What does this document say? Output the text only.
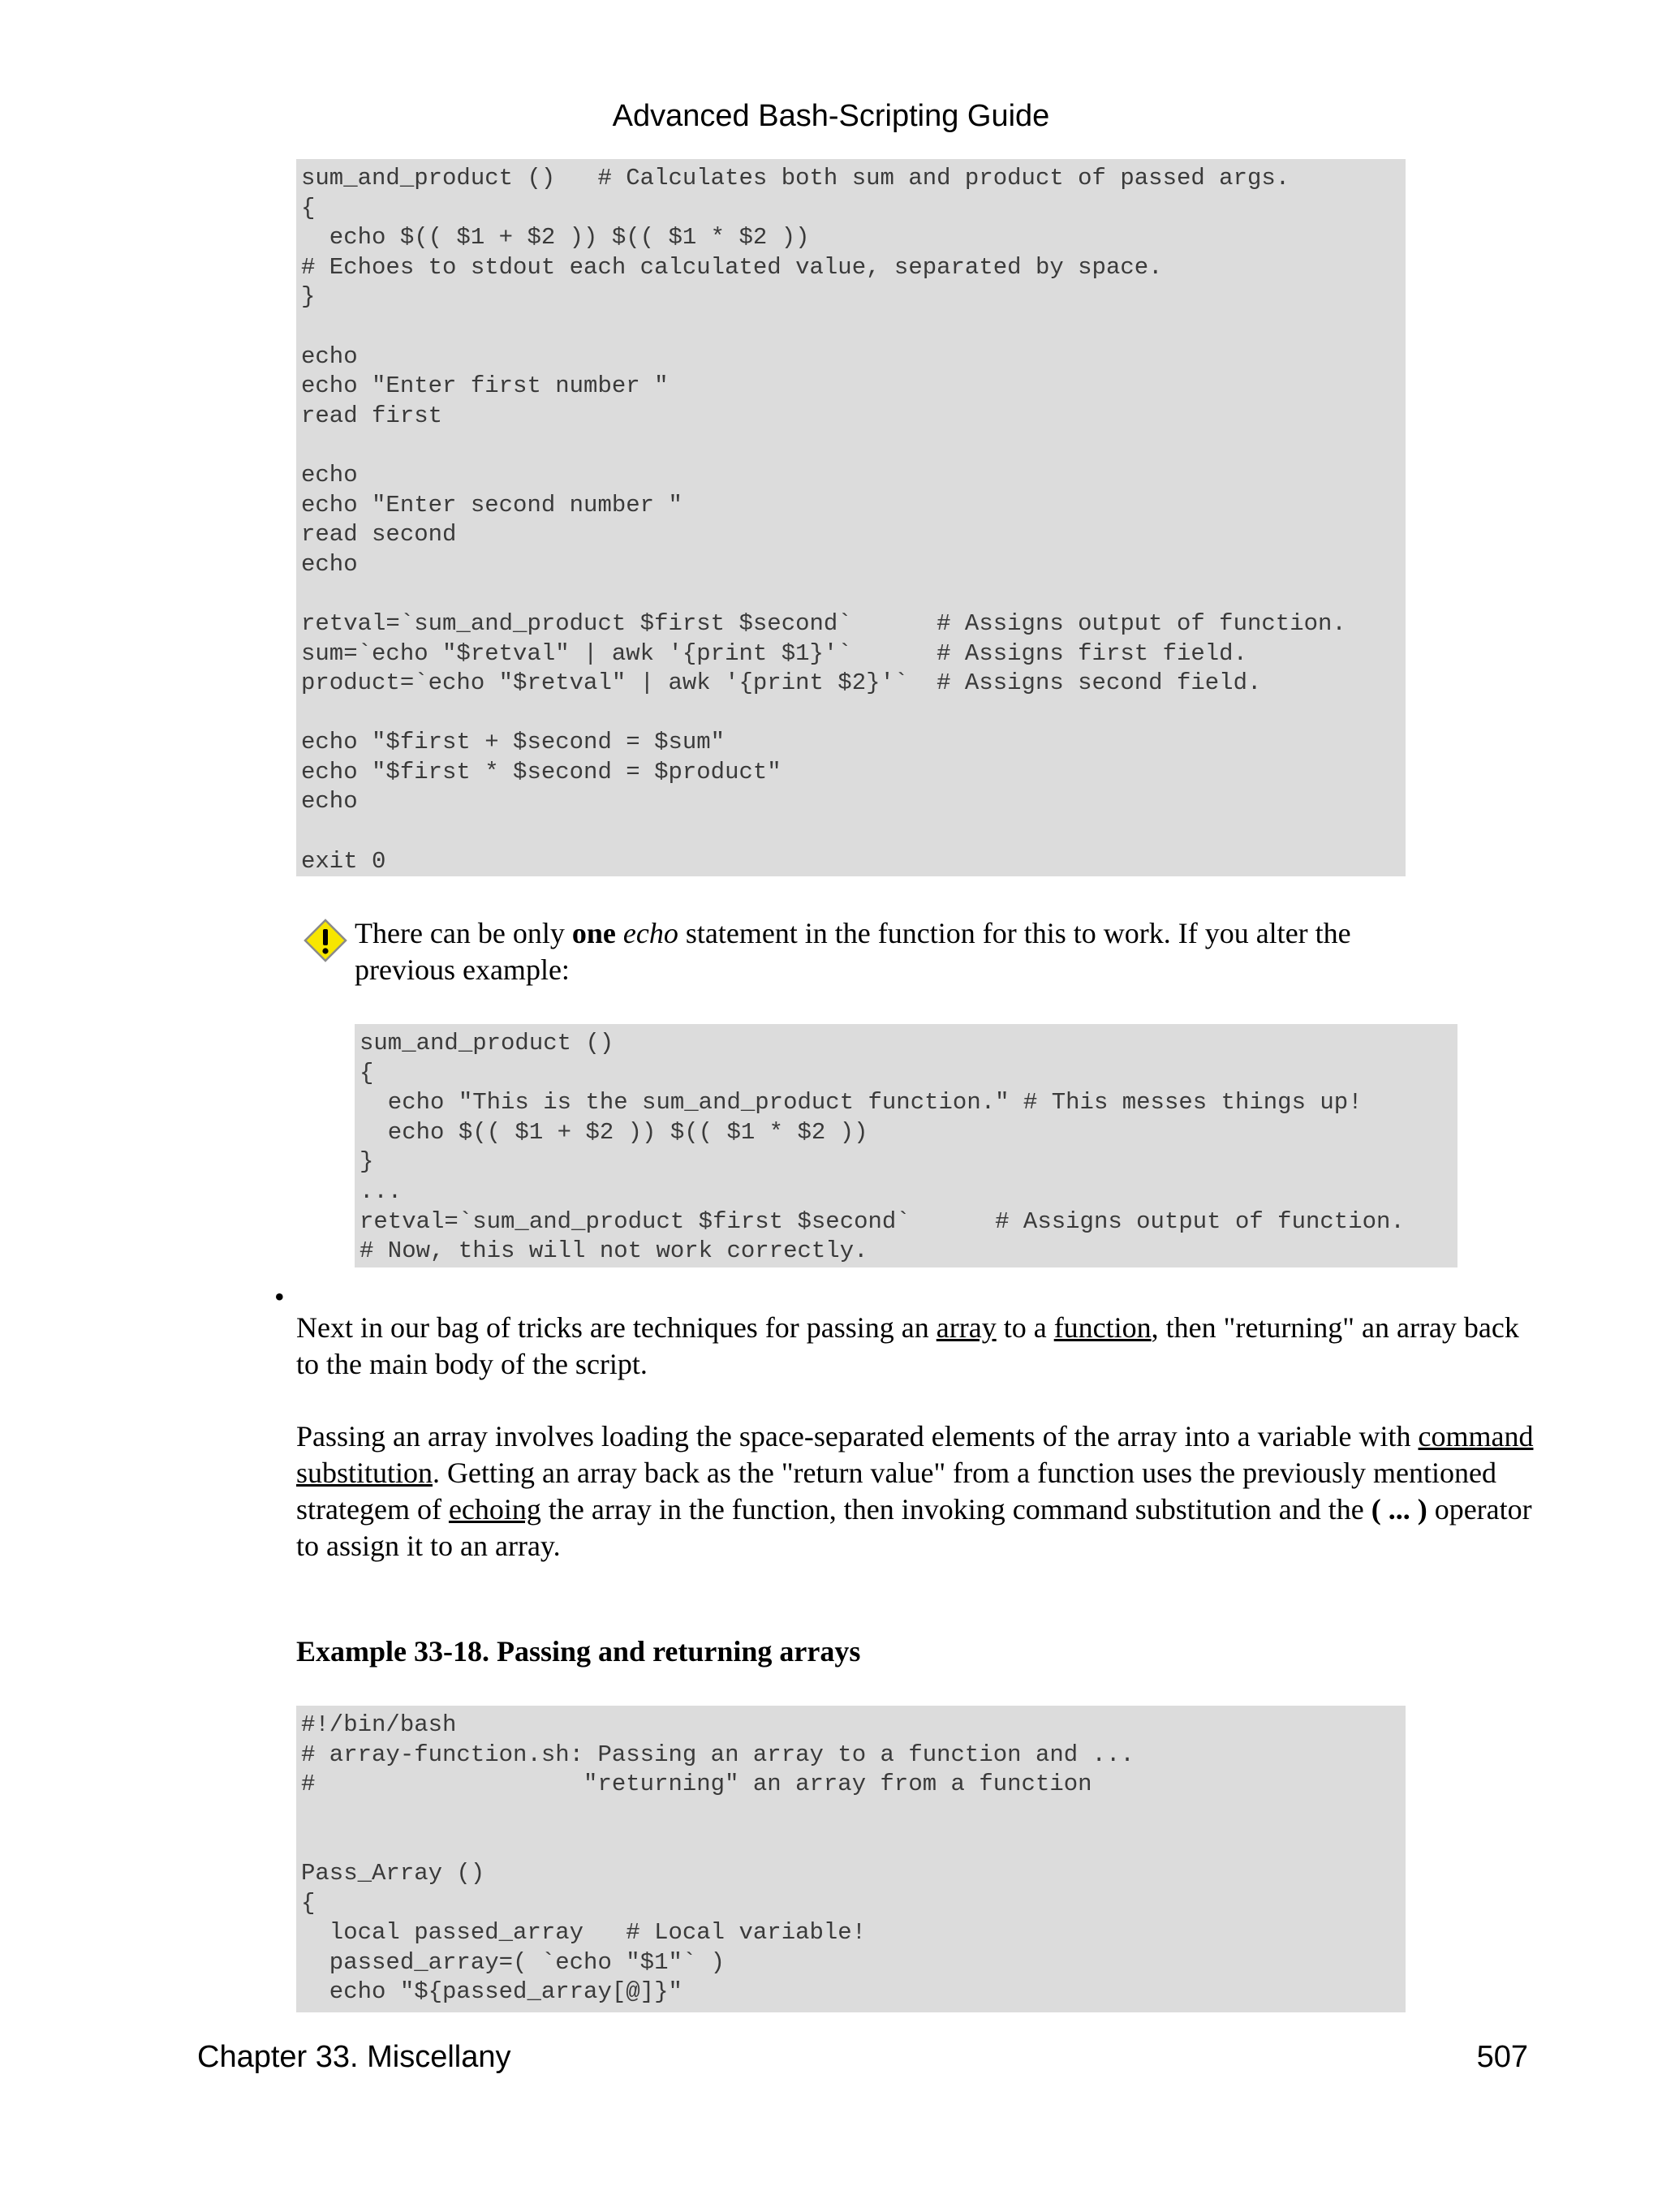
Advanced Bash-Scripting Guide
sum_and_product ()   # Calculates both sum and product of passed args.
{
echo $(( $1 + $2 )) $(( $1 * $2 ))
# Echoes to stdout each calculated value, separated by space.
}

echo
echo "Enter first number "
read first

echo
echo "Enter second number "
read second
echo

retval=`sum_and_product $first $second`      # Assigns output of function.
sum=`echo "$retval" | awk '{print $1}'`      # Assigns first field.
product=`echo "$retval" | awk '{print $2}'`  # Assigns second field.

echo "$first + $second = $sum"
echo "$first * $second = $product"
echo

exit 0
There can be only one echo statement in the function for this to work. If you alter the previous example:
sum_and_product ()
{
echo "This is the sum_and_product function." # This messes things up!
echo $(( $1 + $2 )) $(( $1 * $2 ))
}
...
retval=`sum_and_product $first $second`      # Assigns output of function.
# Now, this will not work correctly.
•
Next in our bag of tricks are techniques for passing an array to a function, then "returning" an array back to the main body of the script.
Passing an array involves loading the space-separated elements of the array into a variable with command substitution. Getting an array back as the "return value" from a function uses the previously mentioned strategem of echoing the array in the function, then invoking command substitution and the ( ... ) operator to assign it to an array.
Example 33-18. Passing and returning arrays
#!/bin/bash
# array-function.sh: Passing an array to a function and ...
#                   "returning" an array from a function

Pass_Array ()
{
local passed_array   # Local variable!
passed_array=( `echo "$1"` )
echo "${passed_array[@]}"
Chapter 33. Miscellany	507
